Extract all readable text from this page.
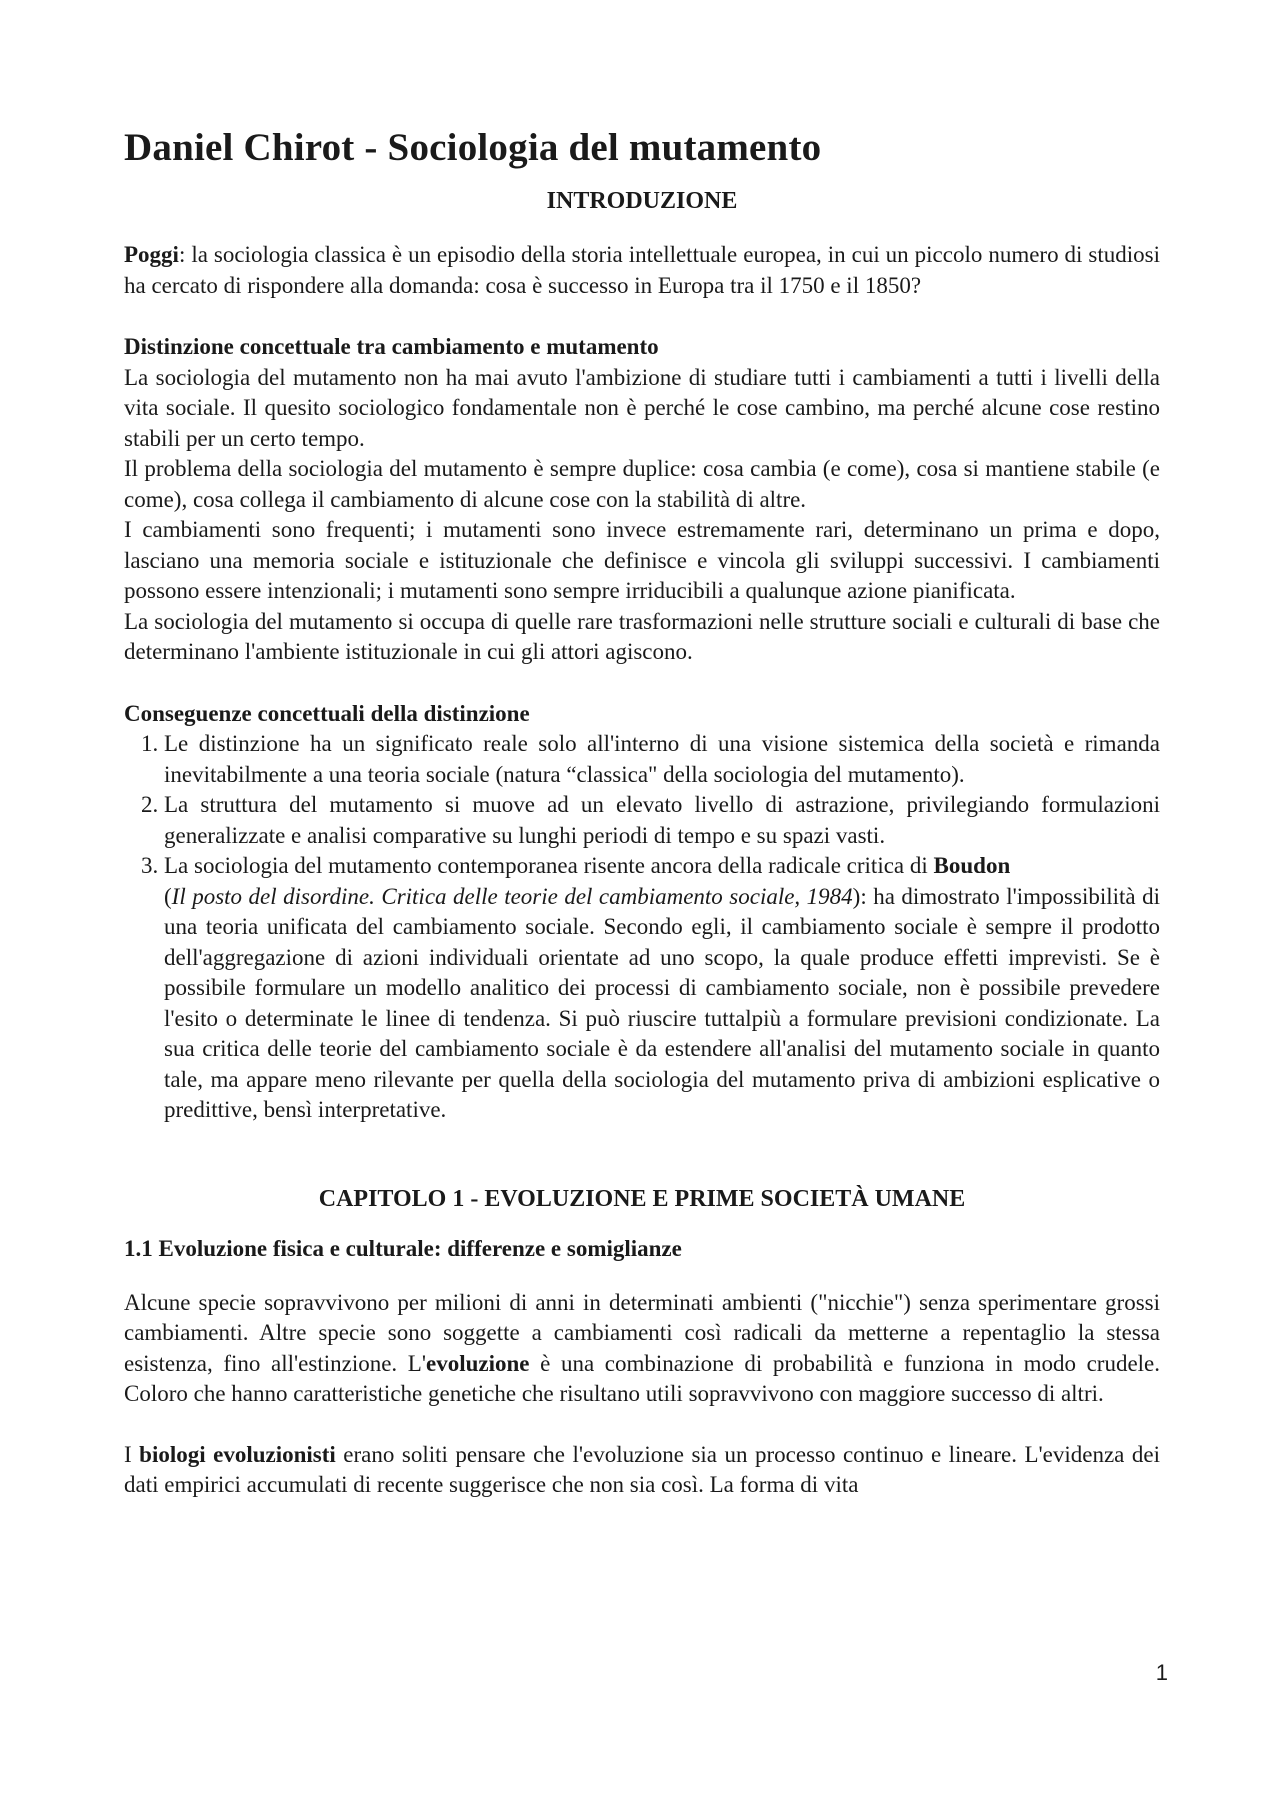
Daniel Chirot - Sociologia del mutamento
INTRODUZIONE

Poggi: la sociologia classica è un episodio della storia intellettuale europea, in cui un piccolo numero di studiosi ha cercato di rispondere alla domanda: cosa è successo in Europa tra il 1750 e il 1850?

Distinzione concettuale tra cambiamento e mutamento

La sociologia del mutamento non ha mai avuto l'ambizione di studiare tutti i cambiamenti a tutti i livelli della vita sociale. Il quesito sociologico fondamentale non è perché le cose cambino, ma perché alcune cose restino stabili per un certo tempo.

Il problema della sociologia del mutamento è sempre duplice: cosa cambia (e come), cosa si mantiene stabile (e come), cosa collega il cambiamento di alcune cose con la stabilità di altre.

I cambiamenti sono frequenti; i mutamenti sono invece estremamente rari, determinano un prima e dopo, lasciano una memoria sociale e istituzionale che definisce e vincola gli sviluppi successivi. I cambiamenti possono essere intenzionali; i mutamenti sono sempre irriducibili a qualunque azione pianificata.

La sociologia del mutamento si occupa di quelle rare trasformazioni nelle strutture sociali e culturali di base che determinano l'ambiente istituzionale in cui gli attori agiscono.

Conseguenze concettuali della distinzione
1. Le distinzione ha un significato reale solo all'interno di una visione sistemica della società e rimanda inevitabilmente a una teoria sociale (natura “classica" della sociologia del mutamento).
2. La struttura del mutamento si muove ad un elevato livello di astrazione, privilegiando formulazioni generalizzate e analisi comparative su lunghi periodi di tempo e su spazi vasti.
3. La sociologia del mutamento contemporanea risente ancora della radicale critica di Boudon
(Il posto del disordine. Critica delle teorie del cambiamento sociale, 1984): ha dimostrato l'impossibilità di una teoria unificata del cambiamento sociale. Secondo egli, il cambiamento sociale è sempre il prodotto dell'aggregazione di azioni individuali orientate ad uno scopo, la quale produce effetti imprevisti. Se è possibile formulare un modello analitico dei processi di cambiamento sociale, non è possibile prevedere l'esito o determinate le linee di tendenza. Si può riuscire tuttalpiù a formulare previsioni condizionate. La sua critica delle teorie del cambiamento sociale è da estendere all'analisi del mutamento sociale in quanto tale, ma appare meno rilevante per quella della sociologia del mutamento priva di ambizioni esplicative o predittive, bensì interpretative.
CAPITOLO 1 - EVOLUZIONE E PRIME SOCIETÀ UMANE
1.1 Evoluzione fisica e culturale: differenze e somiglianze

Alcune specie sopravvivono per milioni di anni in determinati ambienti ("nicchie") senza sperimentare grossi cambiamenti. Altre specie sono soggette a cambiamenti così radicali da metterne a repentaglio la stessa esistenza, fino all'estinzione. L'evoluzione è una combinazione di probabilità e funziona in modo crudele. Coloro che hanno caratteristiche genetiche che risultano utili sopravvivono con maggiore successo di altri.

I biologi evoluzionisti erano soliti pensare che l'evoluzione sia un processo continuo e lineare. L'evidenza dei dati empirici accumulati di recente suggerisce che non sia così. La forma di vita

1
